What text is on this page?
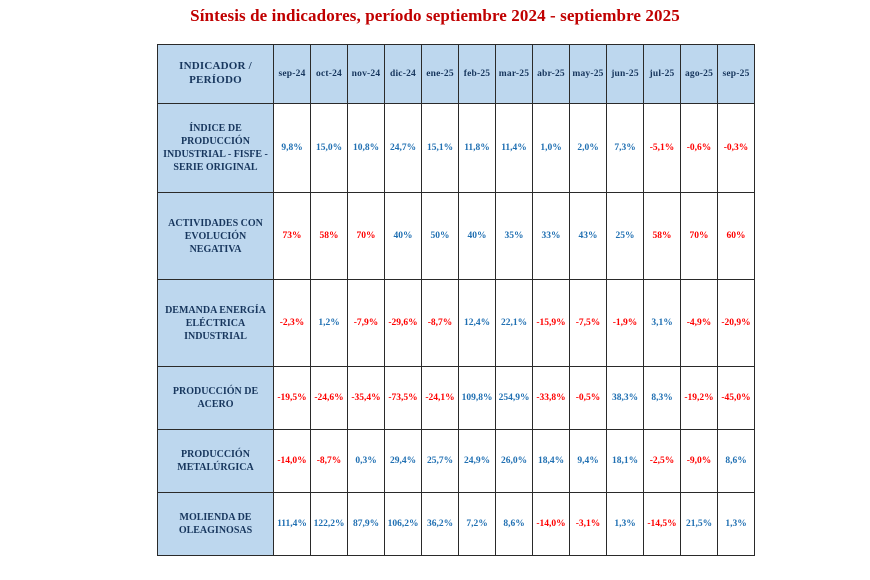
Síntesis de indicadores, período septiembre 2024 - septiembre 2025
INDICADOR / PERÍODO	sep-24	oct-24	nov-24	dic-24	ene-25	feb-25	mar-25	abr-25	may-25	jun-25	jul-25	ago-25	sep-25
ÍNDICE DE PRODUCCIÓN INDUSTRIAL - FISFE - SERIE ORIGINAL	9,8%	15,0%	10,8%	24,7%	15,1%	11,8%	11,4%	1,0%	2,0%	7,3%	-5,1%	-0,6%	-0,3%
ACTIVIDADES CON EVOLUCIÓN NEGATIVA	73%	58%	70%	40%	50%	40%	35%	33%	43%	25%	58%	70%	60%
DEMANDA ENERGÍA ELÉCTRICA INDUSTRIAL	-2,3%	1,2%	-7,9%	-29,6%	-8,7%	12,4%	22,1%	-15,9%	-7,5%	-1,9%	3,1%	-4,9%	-20,9%
PRODUCCIÓN DE ACERO	-19,5%	-24,6%	-35,4%	-73,5%	-24,1%	109,8%	254,9%	-33,8%	-0,5%	38,3%	8,3%	-19,2%	-45,0%
PRODUCCIÓN METALÚRGICA	-14,0%	-8,7%	0,3%	29,4%	25,7%	24,9%	26,0%	18,4%	9,4%	18,1%	-2,5%	-9,0%	8,6%
MOLIENDA DE OLEAGINOSAS	111,4%	122,2%	87,9%	106,2%	36,2%	7,2%	8,6%	-14,0%	-3,1%	1,3%	-14,5%	21,5%	1,3%
